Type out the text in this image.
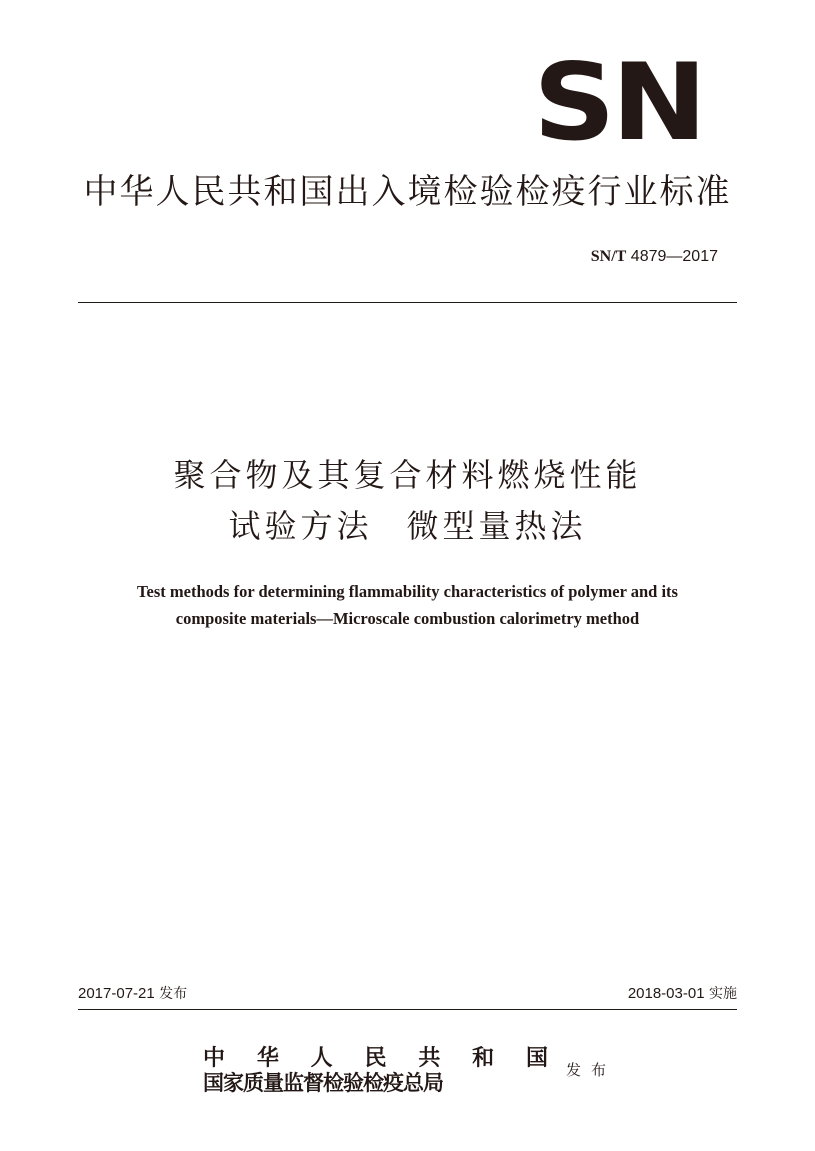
SN
中华人民共和国出入境检验检疫行业标准
SN/T 4879—2017
聚合物及其复合材料燃烧性能
试验方法 微型量热法
Test methods for determining flammability characteristics of polymer and its
composite materials—Microscale combustion calorimetry method
2017-07-21 发布	2018-03-01 实施
中 华 人 民 共 和 国
国家质量监督检验检疫总局	发布
